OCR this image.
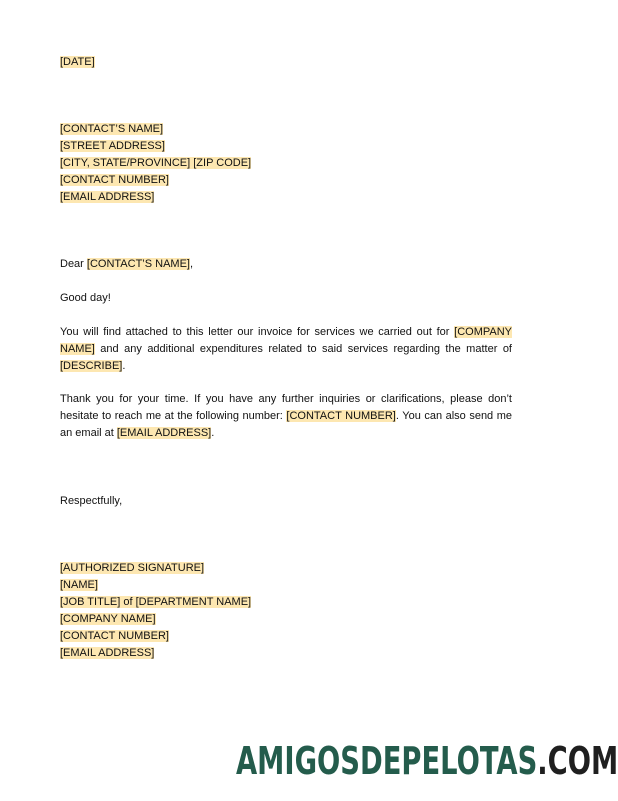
[DATE]
[CONTACT’S NAME]
[STREET ADDRESS]
[CITY, STATE/PROVINCE] [ZIP CODE]
[CONTACT NUMBER]
[EMAIL ADDRESS]
Dear [CONTACT’S NAME],
Good day!
You will find attached to this letter our invoice for services we carried out for [COMPANY NAME] and any additional expenditures related to said services regarding the matter of [DESCRIBE].
Thank you for your time. If you have any further inquiries or clarifications, please don’t hesitate to reach me at the following number: [CONTACT NUMBER]. You can also send me an email at [EMAIL ADDRESS].
Respectfully,
[AUTHORIZED SIGNATURE]
[NAME]
[JOB TITLE] of [DEPARTMENT NAME]
[COMPANY NAME]
[CONTACT NUMBER]
[EMAIL ADDRESS]
AMIGOSDEPELOTAS.COM
